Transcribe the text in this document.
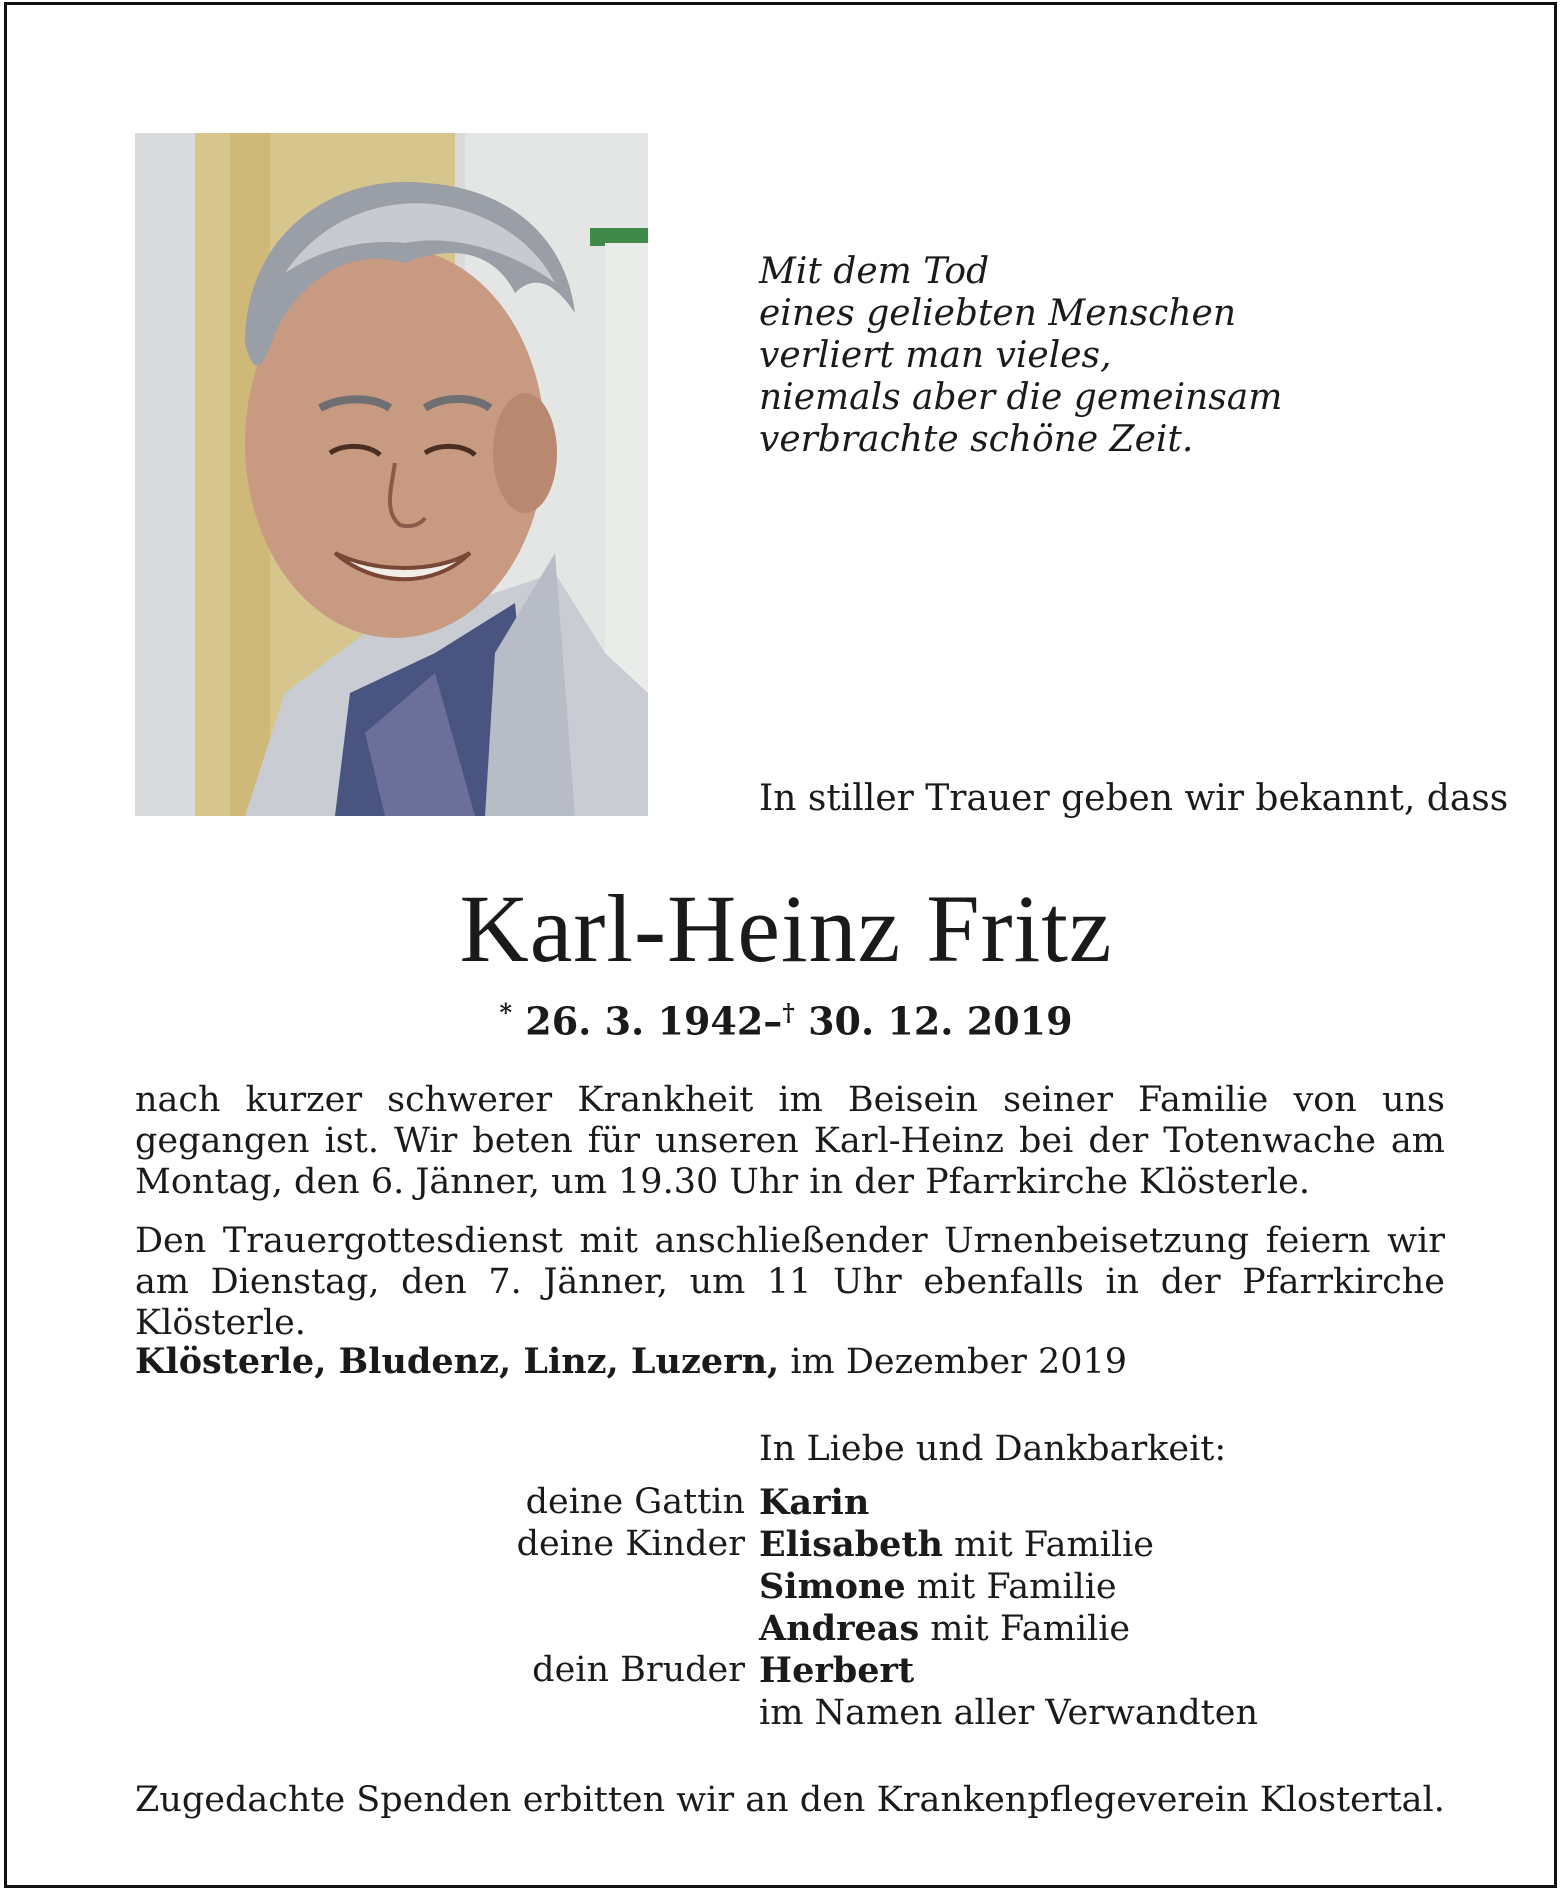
Mit dem Tod
eines geliebten Menschen
verliert man vieles,
niemals aber die gemeinsam
verbrachte schöne Zeit.
In stiller Trauer geben wir bekannt, dass
Karl-Heinz Fritz
* 26. 3. 1942–† 30. 12. 2019
nach kurzer schwerer Krankheit im Beisein seiner Familie von uns gegangen ist. Wir beten für unseren Karl-Heinz bei der Totenwache am Montag, den 6. Jänner, um 19.30 Uhr in der Pfarrkirche Klösterle.
Den Trauergottesdienst mit anschließender Urnenbeisetzung feiern wir am Dienstag, den 7. Jänner, um 11 Uhr ebenfalls in der Pfarrkirche Klösterle.
Klösterle, Bludenz, Linz, Luzern, im Dezember 2019
In Liebe und Dankbarkeit:
deine Gattin Karin
deine Kinder Elisabeth mit Familie
Simone mit Familie
Andreas mit Familie
dein Bruder Herbert
im Namen aller Verwandten
Zugedachte Spenden erbitten wir an den Krankenpflegeverein Klostertal.
